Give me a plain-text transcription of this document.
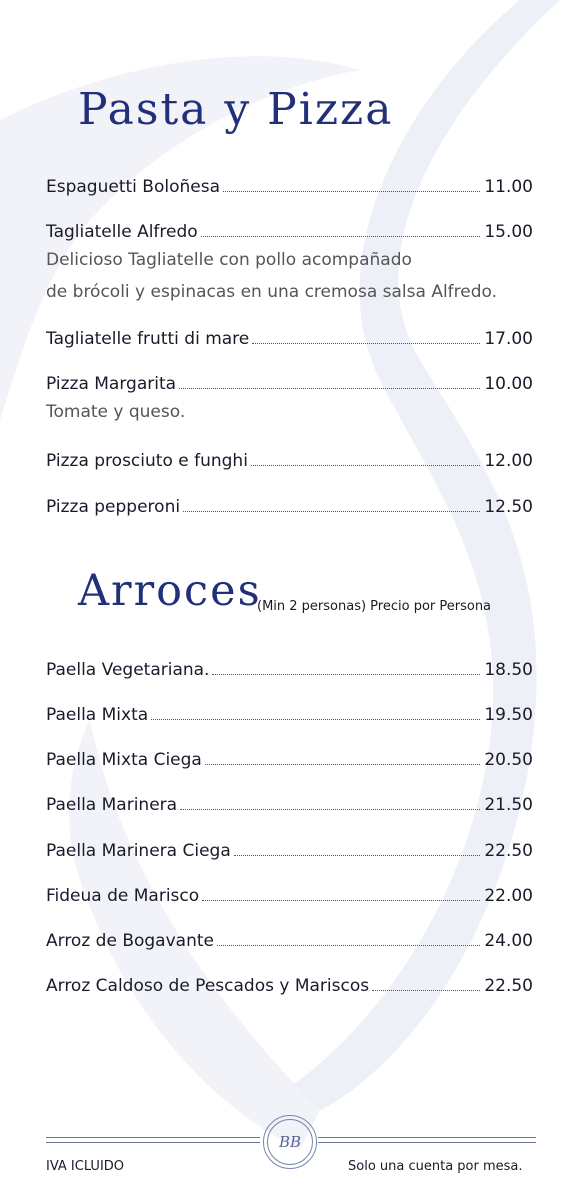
Pasta y Pizza
Espaguetti Boloñesa	11.00
Tagliatelle Alfredo	15.00

Delicioso Tagliatelle con pollo acompañado

de brócoli y espinacas en una cremosa salsa Alfredo.

Tagliatelle frutti di mare	17.00
Pizza Margarita	10.00

Tomate y queso.

Pizza prosciuto e funghi	12.00
Pizza pepperoni	12.50
Arroces
(Min 2 personas) Precio por Persona
Paella Vegetariana.	18.50
Paella Mixta	19.50
Paella Mixta Ciega	20.50
Paella Marinera	21.50
Paella Marinera Ciega	22.50
Fideua de Marisco	22.00
Arroz de Bogavante	24.00
Arroz Caldoso de Pescados y Mariscos	22.50
BB
IVA ICLUIDO	Solo una cuenta por mesa.
